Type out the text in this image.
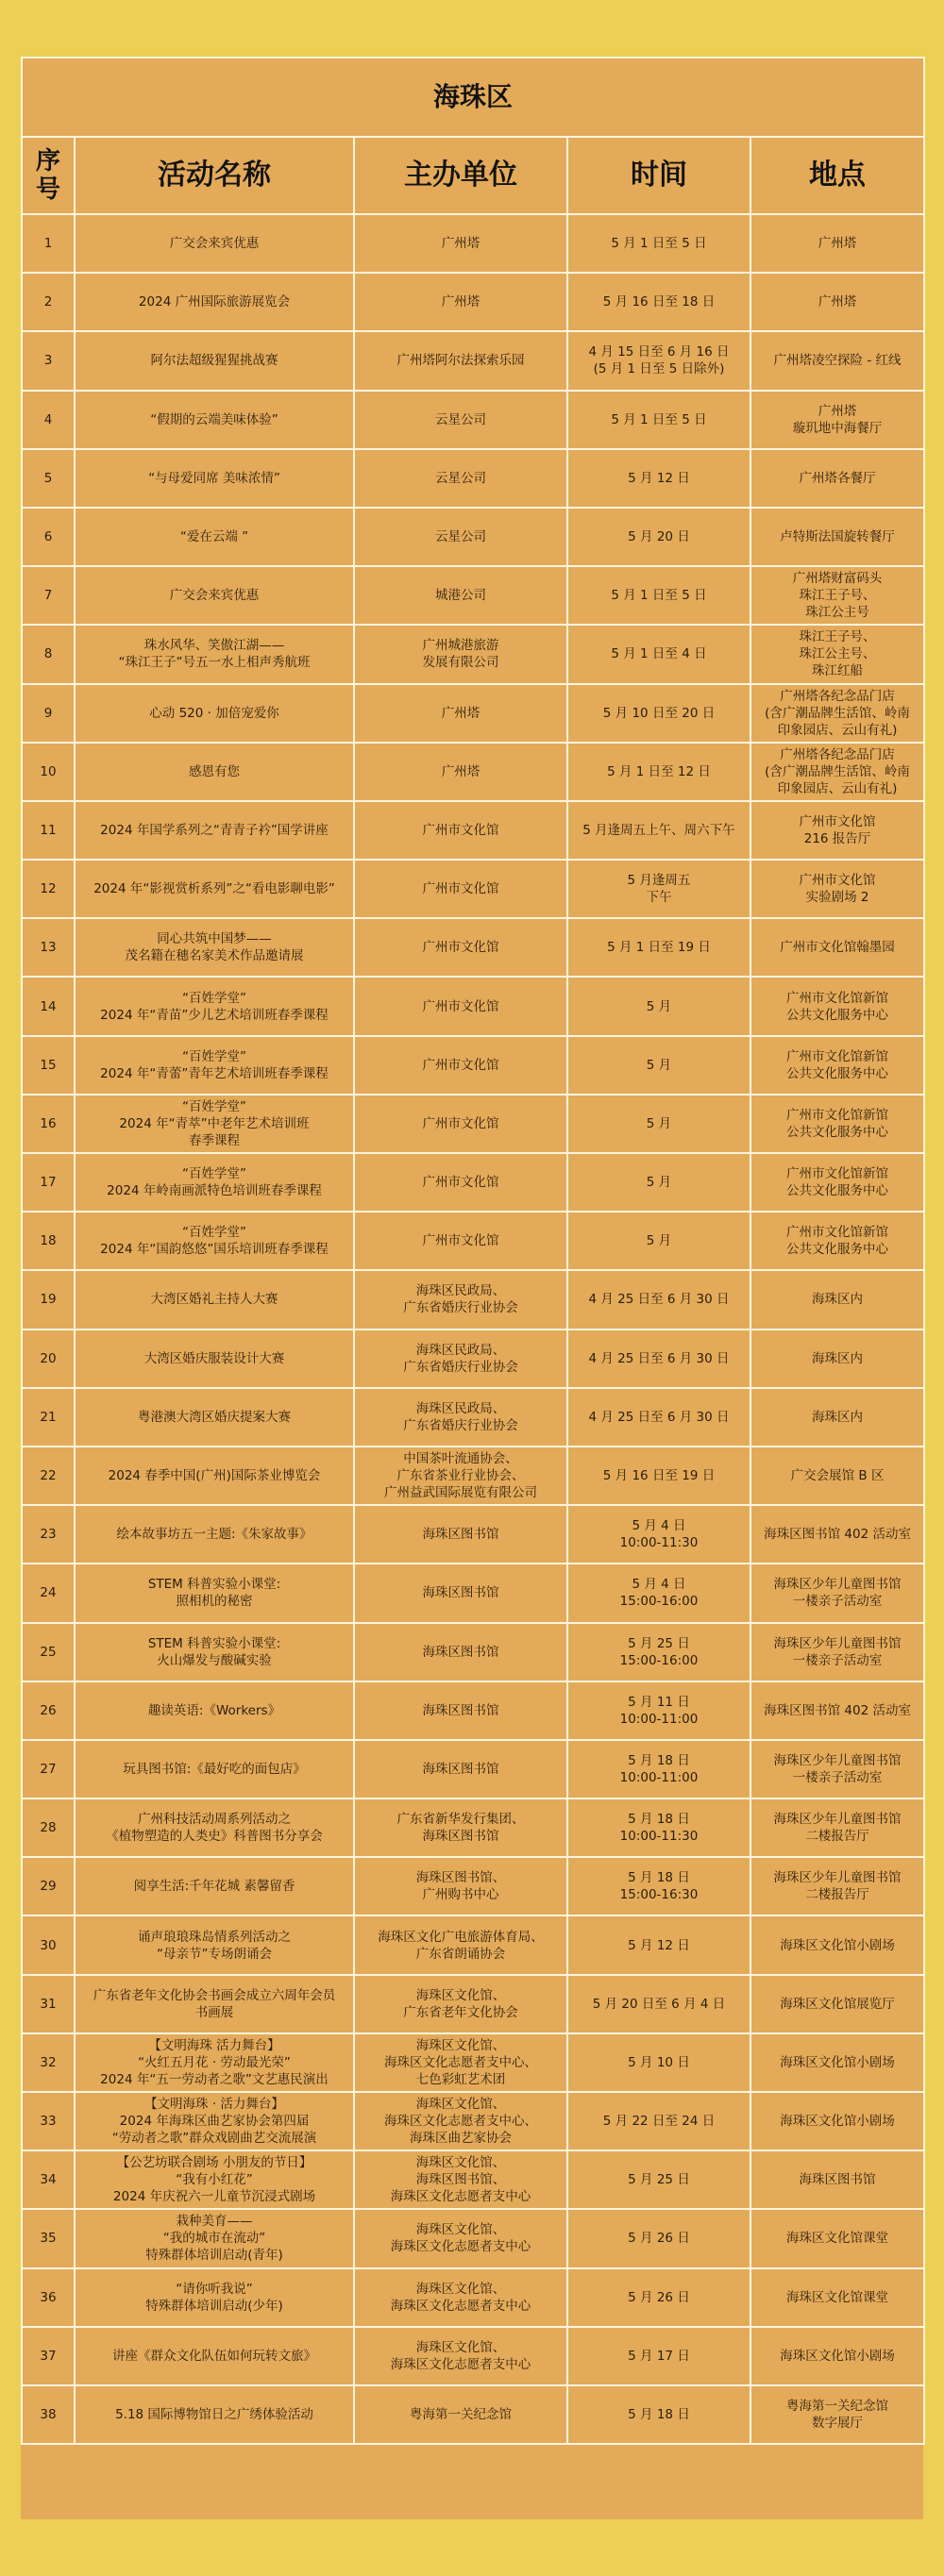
海珠区				
序
号	活动名称	主办单位	时间	地点
1	广交会来宾优惠	广州塔	5 月 1 日至 5 日	广州塔
2	2024 广州国际旅游展览会	广州塔	5 月 16 日至 18 日	广州塔
3	阿尔法超级猩猩挑战赛	广州塔阿尔法探索乐园	4 月 15 日至 6 月 16 日
(5 月 1 日至 5 日除外)	广州塔凌空探险 - 红线
4	“假期的云端美味体验”	云星公司	5 月 1 日至 5 日	广州塔
璇玑地中海餐厅
5	“与母爱同席 美味浓情”	云星公司	5 月 12 日	广州塔各餐厅
6	“爱在云端 ”	云星公司	5 月 20 日	卢特斯法国旋转餐厅
7	广交会来宾优惠	城港公司	5 月 1 日至 5 日	广州塔财富码头
珠江王子号、
珠江公主号
8	珠水风华、笑傲江湖——
“珠江王子”号五一水上相声秀航班	广州城港旅游
发展有限公司	5 月 1 日至 4 日	珠江王子号、
珠江公主号、
珠江红船
9	心动 520 · 加倍宠爱你	广州塔	5 月 10 日至 20 日	广州塔各纪念品门店
(含广潮品牌生活馆、岭南
印象园店、云山有礼)
10	感恩有您	广州塔	5 月 1 日至 12 日	广州塔各纪念品门店
(含广潮品牌生活馆、岭南
印象园店、云山有礼)
11	2024 年国学系列之“青青子衿”国学讲座	广州市文化馆	5 月逢周五上午、周六下午	广州市文化馆
216 报告厅
12	2024 年“影视赏析系列”之“看电影聊电影”	广州市文化馆	5 月逢周五
下午	广州市文化馆
实验剧场 2
13	同心共筑中国梦——
茂名籍在穗名家美术作品邀请展	广州市文化馆	5 月 1 日至 19 日	广州市文化馆翰墨园
14	“百姓学堂”
2024 年“青苗”少儿艺术培训班春季课程	广州市文化馆	5 月	广州市文化馆新馆
公共文化服务中心
15	“百姓学堂”
2024 年“青蕾”青年艺术培训班春季课程	广州市文化馆	5 月	广州市文化馆新馆
公共文化服务中心
16	“百姓学堂”
2024 年“青萃”中老年艺术培训班
春季课程	广州市文化馆	5 月	广州市文化馆新馆
公共文化服务中心
17	“百姓学堂”
2024 年岭南画派特色培训班春季课程	广州市文化馆	5 月	广州市文化馆新馆
公共文化服务中心
18	“百姓学堂”
2024 年“国韵悠悠”国乐培训班春季课程	广州市文化馆	5 月	广州市文化馆新馆
公共文化服务中心
19	大湾区婚礼主持人大赛	海珠区民政局、
广东省婚庆行业协会	4 月 25 日至 6 月 30 日	海珠区内
20	大湾区婚庆服装设计大赛	海珠区民政局、
广东省婚庆行业协会	4 月 25 日至 6 月 30 日	海珠区内
21	粤港澳大湾区婚庆提案大赛	海珠区民政局、
广东省婚庆行业协会	4 月 25 日至 6 月 30 日	海珠区内
22	2024 春季中国(广州)国际茶业博览会	中国茶叶流通协会、
广东省茶业行业协会、
广州益武国际展览有限公司	5 月 16 日至 19 日	广交会展馆 B 区
23	绘本故事坊五一主题:《朱家故事》	海珠区图书馆	5 月 4 日
10:00-11:30	海珠区图书馆 402 活动室
24	STEM 科普实验小课堂:
照相机的秘密	海珠区图书馆	5 月 4 日
15:00-16:00	海珠区少年儿童图书馆
一楼亲子活动室
25	STEM 科普实验小课堂:
火山爆发与酸碱实验	海珠区图书馆	5 月 25 日
15:00-16:00	海珠区少年儿童图书馆
一楼亲子活动室
26	趣读英语:《Workers》	海珠区图书馆	5 月 11 日
10:00-11:00	海珠区图书馆 402 活动室
27	玩具图书馆:《最好吃的面包店》	海珠区图书馆	5 月 18 日
10:00-11:00	海珠区少年儿童图书馆
一楼亲子活动室
28	广州科技活动周系列活动之
《植物塑造的人类史》科普图书分享会	广东省新华发行集团、
海珠区图书馆	5 月 18 日
10:00-11:30	海珠区少年儿童图书馆
二楼报告厅
29	阅享生活:千年花城 素馨留香	海珠区图书馆、
广州购书中心	5 月 18 日
15:00-16:30	海珠区少年儿童图书馆
二楼报告厅
30	诵声琅琅珠岛情系列活动之
“母亲节”专场朗诵会	海珠区文化广电旅游体育局、
广东省朗诵协会	5 月 12 日	海珠区文化馆小剧场
31	广东省老年文化协会书画会成立六周年会员
书画展	海珠区文化馆、
广东省老年文化协会	5 月 20 日至 6 月 4 日	海珠区文化馆展览厅
32	【文明海珠 活力舞台】
“火红五月花 · 劳动最光荣”
2024 年“五一劳动者之歌”文艺惠民演出	海珠区文化馆、
海珠区文化志愿者支中心、
七色彩虹艺术团	5 月 10 日	海珠区文化馆小剧场
33	【文明海珠 · 活力舞台】
2024 年海珠区曲艺家协会第四届
“劳动者之歌”群众戏剧曲艺交流展演	海珠区文化馆、
海珠区文化志愿者支中心、
海珠区曲艺家协会	5 月 22 日至 24 日	海珠区文化馆小剧场
34	【公艺坊联合剧场 小朋友的节日】
“我有小红花”
2024 年庆祝六一儿童节沉浸式剧场	海珠区文化馆、
海珠区图书馆、
海珠区文化志愿者支中心	5 月 25 日	海珠区图书馆
35	栽种美育——
“我的城市在流动”
特殊群体培训启动(青年)	海珠区文化馆、
海珠区文化志愿者支中心	5 月 26 日	海珠区文化馆课堂
36	“请你听我说”
特殊群体培训启动(少年)	海珠区文化馆、
海珠区文化志愿者支中心	5 月 26 日	海珠区文化馆课堂
37	讲座《群众文化队伍如何玩转文旅》	海珠区文化馆、
海珠区文化志愿者支中心	5 月 17 日	海珠区文化馆小剧场
38	5.18 国际博物馆日之广绣体验活动	粤海第一关纪念馆	5 月 18 日	粤海第一关纪念馆
数字展厅
